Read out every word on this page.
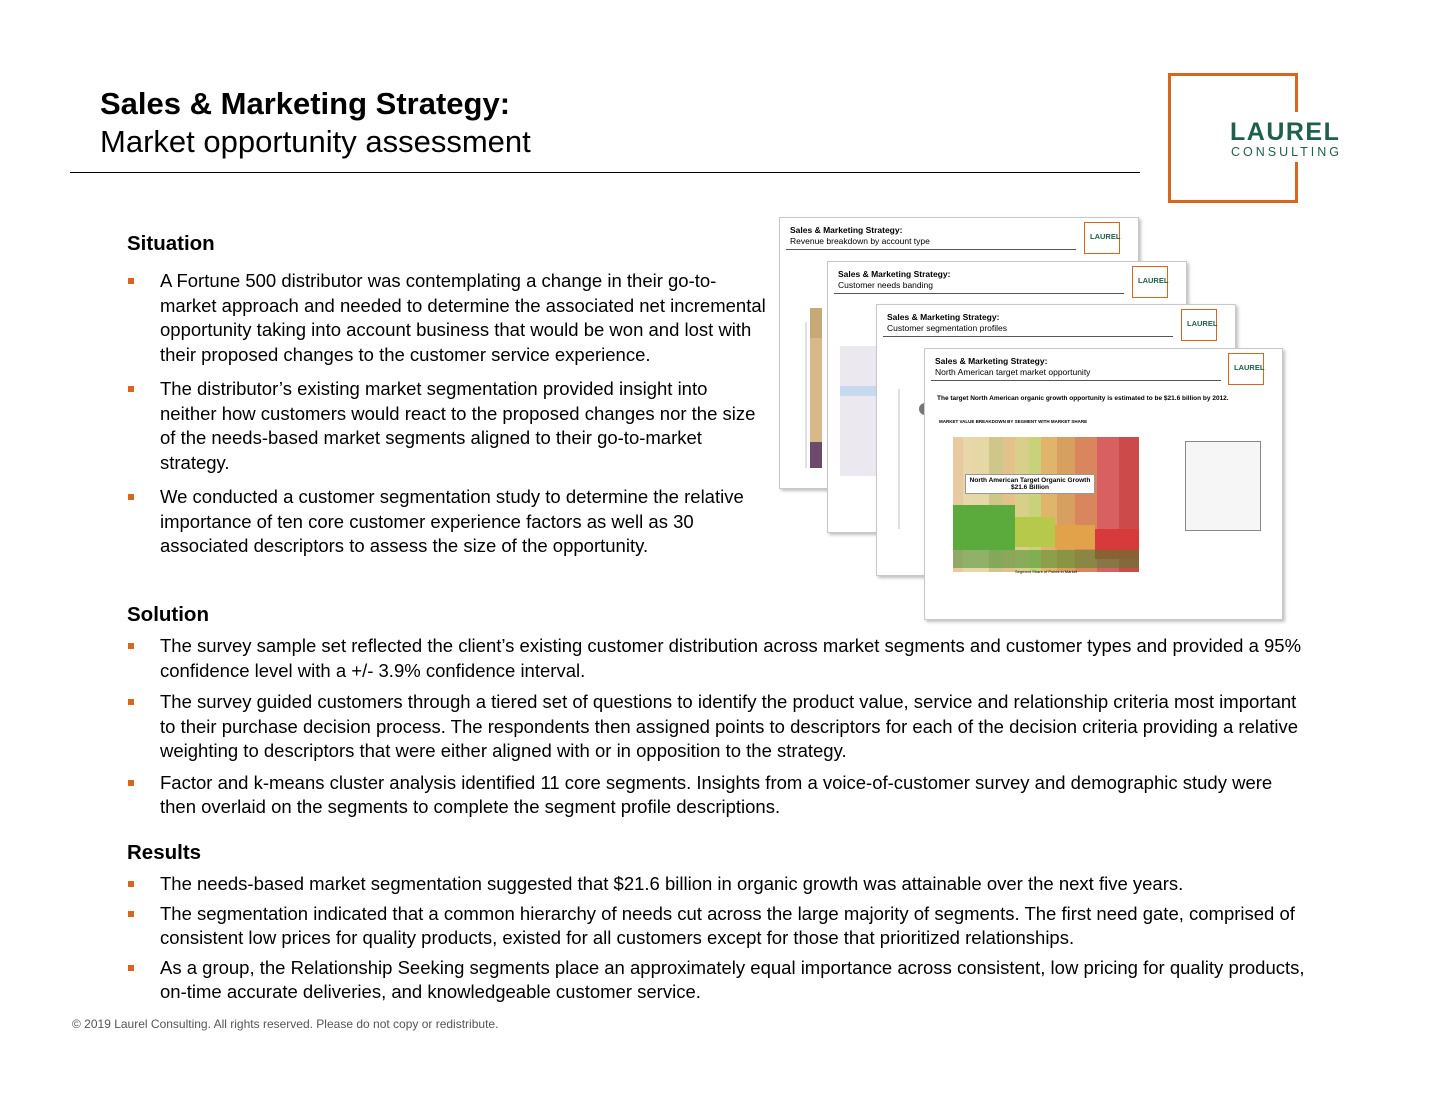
Sales & Marketing Strategy:
Market opportunity assessment	LAUREL
CONSULTING
Sales & Marketing Strategy:
Revenue breakdown by account type	LAUREL
Sales & Marketing Strategy:
Customer needs banding	LAUREL
Sales & Marketing Strategy:
Customer segmentation profiles	LAUREL
Sales & Marketing Strategy:
North American target market opportunity	LAUREL
The target North American organic growth opportunity is estimated to be $21.6 billion by 2012.
MARKET VALUE BREAKDOWN BY SEGMENT WITH MARKET SHARE
North American Target Organic Growth $21.6 Billion
Segment Share of Points in Market
Situation
A Fortune 500 distributor was contemplating a change in their go-to-market approach and needed to determine the associated net incremental opportunity taking into account business that would be won and lost with their proposed changes to the customer service experience.
The distributor’s existing market segmentation provided insight into neither how customers would react to the proposed changes nor the size of the needs-based market segments aligned to their go-to-market strategy.
We conducted a customer segmentation study to determine the relative importance of ten core customer experience factors as well as 30 associated descriptors to assess the size of the opportunity.
Solution
The survey sample set reflected the client’s existing customer distribution across market segments and customer types and provided a 95% confidence level with a +/- 3.9% confidence interval.
The survey guided customers through a tiered set of questions to identify the product value, service and relationship criteria most important to their purchase decision process. The respondents then assigned points to descriptors for each of the decision criteria providing a relative weighting to descriptors that were either aligned with or in opposition to the strategy.
Factor and k-means cluster analysis identified 11 core segments. Insights from a voice-of-customer survey and demographic study were then overlaid on the segments to complete the segment profile descriptions.
Results
The needs-based market segmentation suggested that $21.6 billion in organic growth was attainable over the next five years.
The segmentation indicated that a common hierarchy of needs cut across the large majority of segments. The first need gate, comprised of consistent low prices for quality products, existed for all customers except for those that prioritized relationships.
As a group, the Relationship Seeking segments place an approximately equal importance across consistent, low pricing for quality products, on-time accurate deliveries, and knowledgeable customer service.
© 2019 Laurel Consulting. All rights reserved. Please do not copy or redistribute.
